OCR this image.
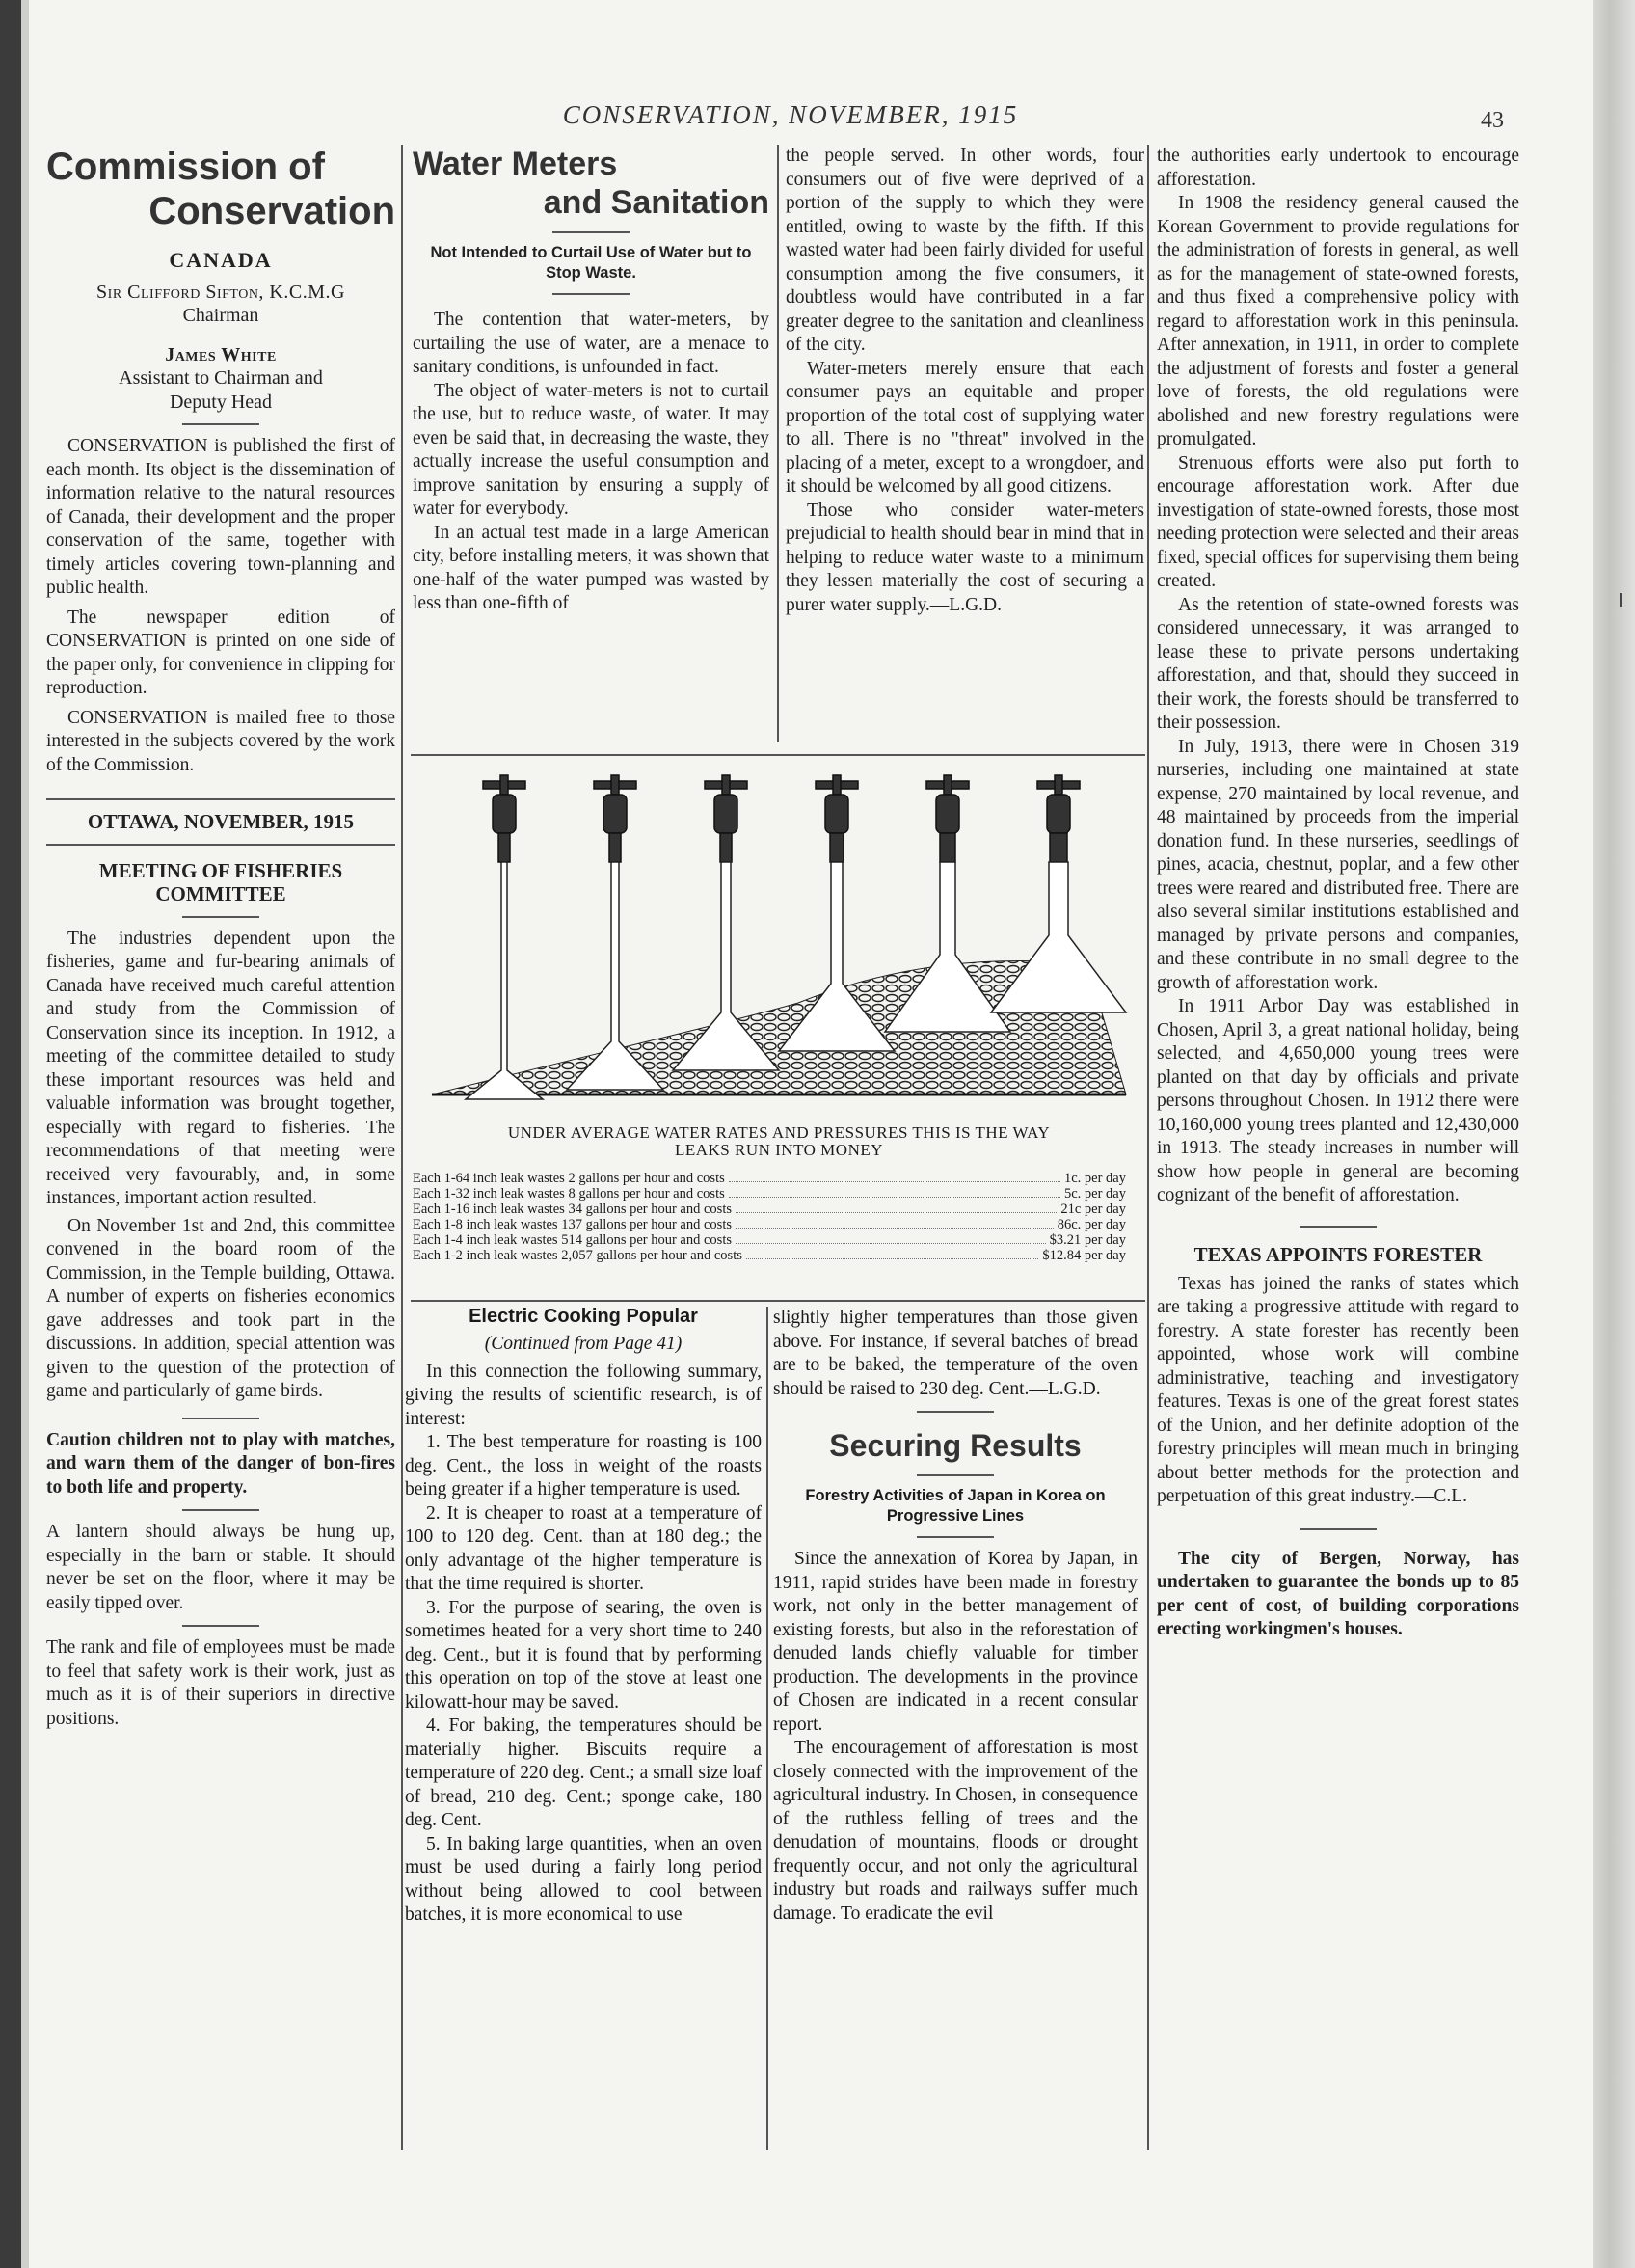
CONSERVATION, NOVEMBER, 1915	43
Commission of
Conservation
CANADA
Sir Clifford Sifton, K.C.M.G
Chairman
James White
Assistant to Chairman and
Deputy Head

CONSERVATION is published the first of each month. Its object is the dissemination of information relative to the natural resources of Canada, their development and the proper conservation of the same, together with timely articles covering town-planning and public health.

The newspaper edition of CONSERVATION is printed on one side of the paper only, for convenience in clipping for reproduction.

CONSERVATION is mailed free to those interested in the subjects covered by the work of the Commission.

OTTAWA, NOVEMBER, 1915
MEETING OF FISHERIES COMMITTEE

The industries dependent upon the fisheries, game and fur-bearing animals of Canada have received much careful attention and study from the Commission of Conservation since its inception. In 1912, a meeting of the committee detailed to study these important resources was held and valuable information was brought together, especially with regard to fisheries. The recommendations of that meeting were received very favourably, and, in some instances, important action resulted.

On November 1st and 2nd, this committee convened in the board room of the Commission, in the Temple building, Ottawa. A number of experts on fisheries economics gave addresses and took part in the discussions. In addition, special attention was given to the question of the protection of game and particularly of game birds.

Caution children not to play with matches, and warn them of the danger of bon-fires to both life and property.

A lantern should always be hung up, especially in the barn or stable. It should never be set on the floor, where it may be easily tipped over.

The rank and file of employees must be made to feel that safety work is their work, just as much as it is of their superiors in directive positions.

Water Meters
and Sanitation
Not Intended to Curtail Use of Water but to Stop Waste.

The contention that water-meters, by curtailing the use of water, are a menace to sanitary conditions, is unfounded in fact.

The object of water-meters is not to curtail the use, but to reduce waste, of water. It may even be said that, in decreasing the waste, they actually increase the useful consumption and improve sanitation by ensuring a supply of water for everybody.

In an actual test made in a large American city, before installing meters, it was shown that one-half of the water pumped was wasted by less than one-fifth of

the people served. In other words, four consumers out of five were deprived of a portion of the supply to which they were entitled, owing to waste by the fifth. If this wasted water had been fairly divided for useful consumption among the five consumers, it doubtless would have contributed in a far greater degree to the sanitation and cleanliness of the city.

Water-meters merely ensure that each consumer pays an equitable and proper proportion of the total cost of supplying water to all. There is no "threat" involved in the placing of a meter, except to a wrongdoer, and it should be welcomed by all good citizens.

Those who consider water-meters prejudicial to health should bear in mind that in helping to reduce water waste to a minimum they lessen materially the cost of securing a purer water supply.—L.G.D.

UNDER AVERAGE WATER RATES AND PRESSURES THIS IS THE WAY
LEAKS RUN INTO MONEY
Each 1-64 inch leak wastes 2 gallons per hour and costs	1c. per day
Each 1-32 inch leak wastes 8 gallons per hour and costs	5c. per day
Each 1-16 inch leak wastes 34 gallons per hour and costs	21c per day
Each 1-8 inch leak wastes 137 gallons per hour and costs	86c. per day
Each 1-4 inch leak wastes 514 gallons per hour and costs	$3.21 per day
Each 1-2 inch leak wastes 2,057 gallons per hour and costs	$12.84 per day
Electric Cooking Popular
(Continued from Page 41)

In this connection the following summary, giving the results of scientific research, is of interest:

1. The best temperature for roasting is 100 deg. Cent., the loss in weight of the roasts being greater if a higher temperature is used.
2. It is cheaper to roast at a temperature of 100 to 120 deg. Cent. than at 180 deg.; the only advantage of the higher temperature is that the time required is shorter.
3. For the purpose of searing, the oven is sometimes heated for a very short time to 240 deg. Cent., but it is found that by performing this operation on top of the stove at least one kilowatt-hour may be saved.
4. For baking, the temperatures should be materially higher. Biscuits require a temperature of 220 deg. Cent.; a small size loaf of bread, 210 deg. Cent.; sponge cake, 180 deg. Cent.
5. In baking large quantities, when an oven must be used during a fairly long period without being allowed to cool between batches, it is more economical to use

slightly higher temperatures than those given above. For instance, if several batches of bread are to be baked, the temperature of the oven should be raised to 230 deg. Cent.—L.G.D.

Securing Results
Forestry Activities of Japan in Korea on Progressive Lines

Since the annexation of Korea by Japan, in 1911, rapid strides have been made in forestry work, not only in the better management of existing forests, but also in the reforestation of denuded lands chiefly valuable for timber production. The developments in the province of Chosen are indicated in a recent consular report.

The encouragement of afforestation is most closely connected with the improvement of the agricultural industry. In Chosen, in consequence of the ruthless felling of trees and the denudation of mountains, floods or drought frequently occur, and not only the agricultural industry but roads and railways suffer much damage. To eradicate the evil

the authorities early undertook to encourage afforestation.

In 1908 the residency general caused the Korean Government to provide regulations for the administration of forests in general, as well as for the management of state-owned forests, and thus fixed a comprehensive policy with regard to afforestation work in this peninsula. After annexation, in 1911, in order to complete the adjustment of forests and foster a general love of forests, the old regulations were abolished and new forestry regulations were promulgated.

Strenuous efforts were also put forth to encourage afforestation work. After due investigation of state-owned forests, those most needing protection were selected and their areas fixed, special offices for supervising them being created.

As the retention of state-owned forests was considered unnecessary, it was arranged to lease these to private persons undertaking afforestation, and that, should they succeed in their work, the forests should be transferred to their possession.

In July, 1913, there were in Chosen 319 nurseries, including one maintained at state expense, 270 maintained by local revenue, and 48 maintained by proceeds from the imperial donation fund. In these nurseries, seedlings of pines, acacia, chestnut, poplar, and a few other trees were reared and distributed free. There are also several similar institutions established and managed by private persons and companies, and these contribute in no small degree to the growth of afforestation work.

In 1911 Arbor Day was established in Chosen, April 3, a great national holiday, being selected, and 4,650,000 young trees were planted on that day by officials and private persons throughout Chosen. In 1912 there were 10,160,000 young trees planted and 12,430,000 in 1913. The steady increases in number will show how people in general are becoming cognizant of the benefit of afforestation.

TEXAS APPOINTS FORESTER

Texas has joined the ranks of states which are taking a progressive attitude with regard to forestry. A state forester has recently been appointed, whose work will combine administrative, teaching and investigatory features. Texas is one of the great forest states of the Union, and her definite adoption of the forestry principles will mean much in bringing about better methods for the protection and perpetuation of this great industry.—C.L.

The city of Bergen, Norway, has undertaken to guarantee the bonds up to 85 per cent of cost, of building corporations erecting workingmen's houses.
